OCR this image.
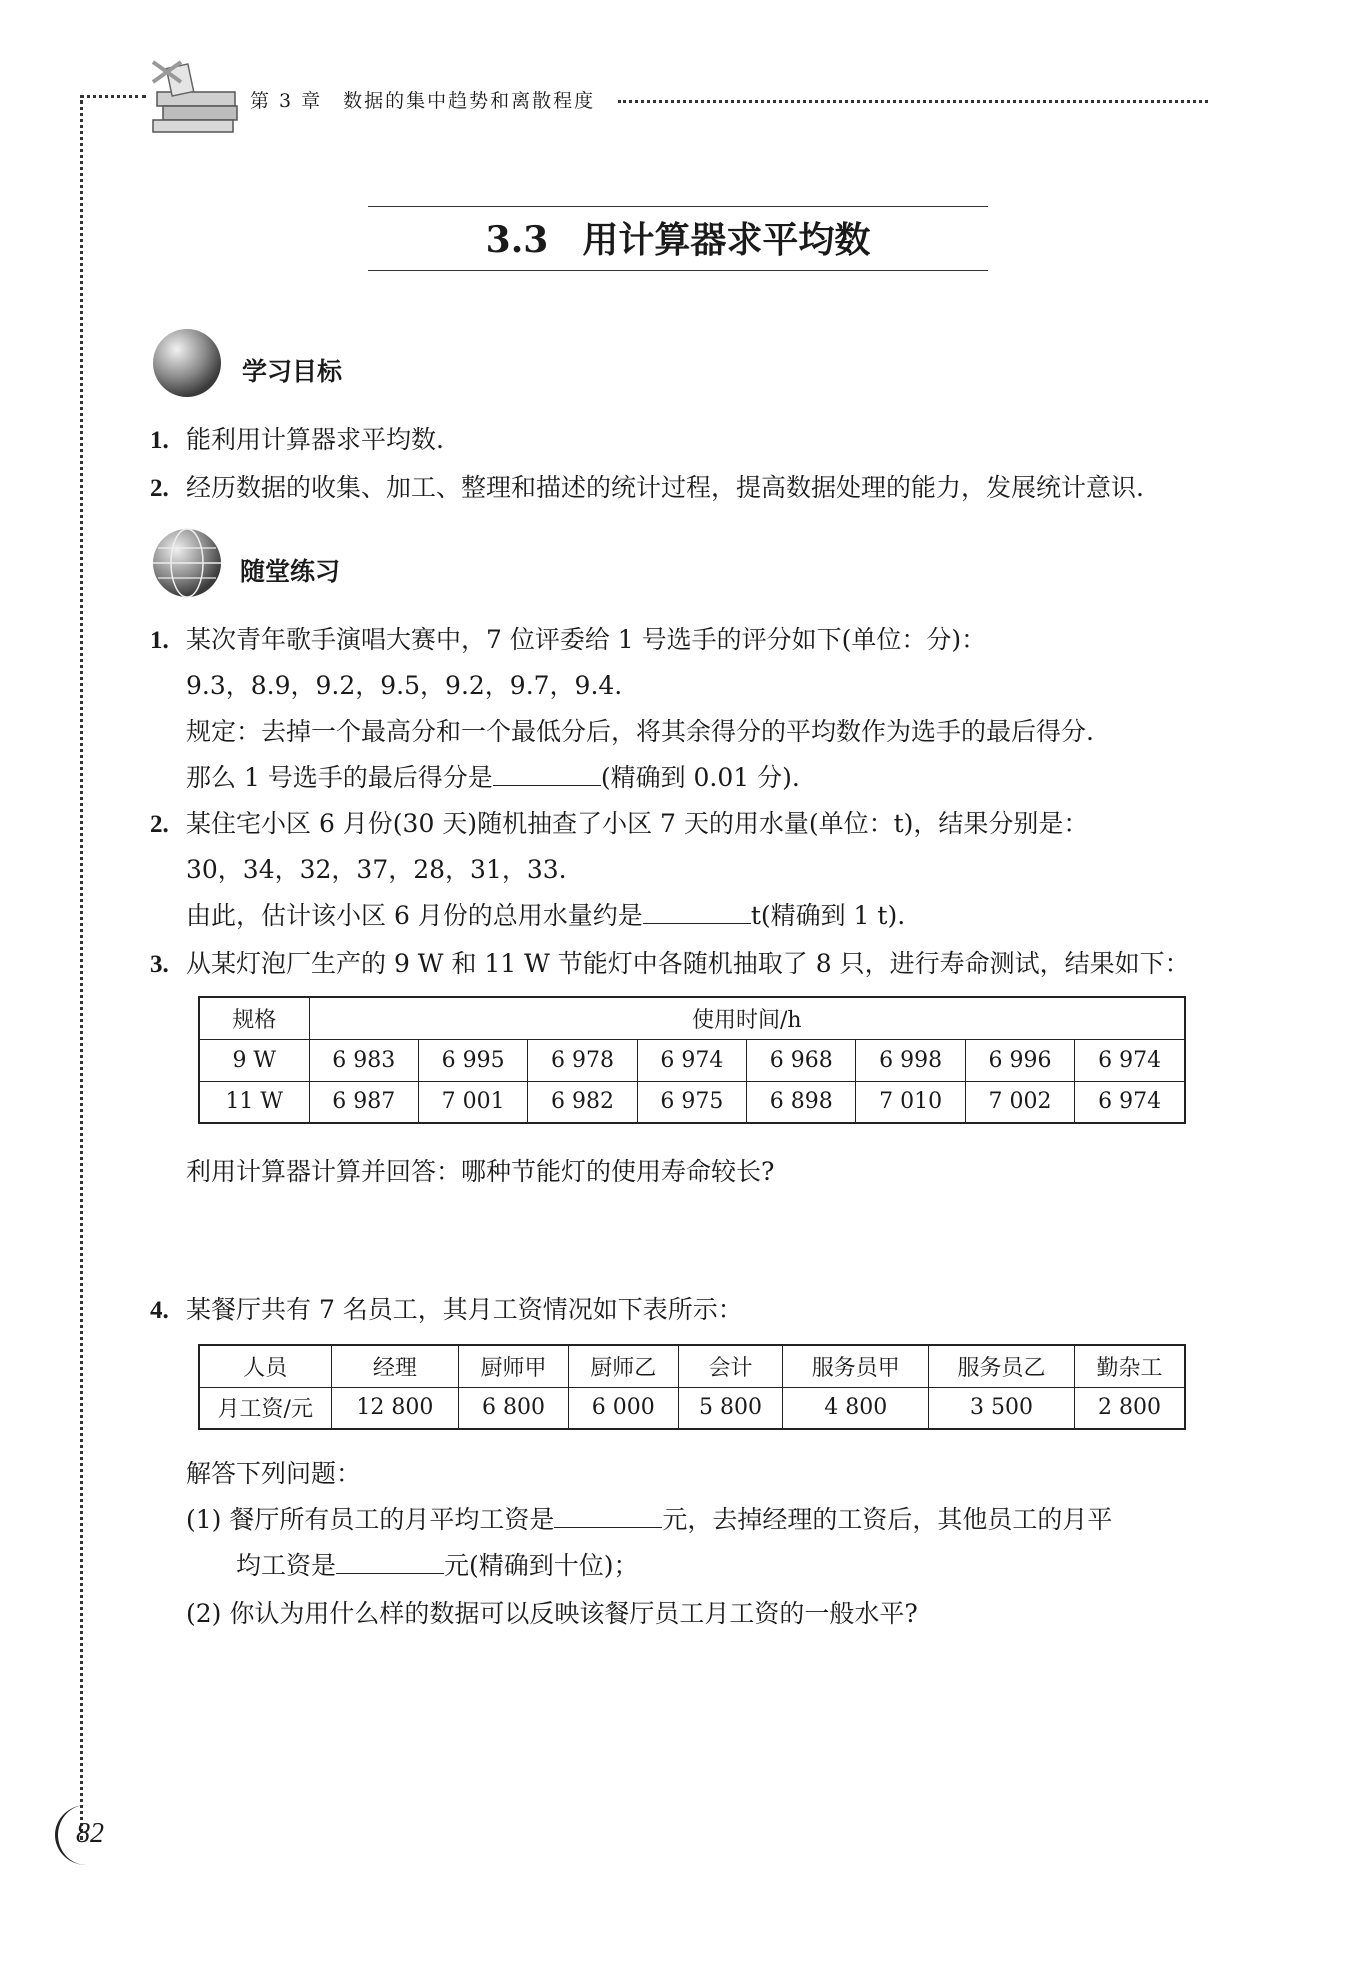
第 3 章　数据的集中趋势和离散程度
3.3 用计算器求平均数
学习目标
1. 能利用计算器求平均数.
2. 经历数据的收集、加工、整理和描述的统计过程，提高数据处理的能力，发展统计意识.
随堂练习
1. 某次青年歌手演唱大赛中，7 位评委给 1 号选手的评分如下(单位：分)：
9.3，8.9，9.2，9.5，9.2，9.7，9.4.
规定：去掉一个最高分和一个最低分后，将其余得分的平均数作为选手的最后得分.
那么 1 号选手的最后得分是	(精确到 0.01 分).
2. 某住宅小区 6 月份(30 天)随机抽查了小区 7 天的用水量(单位：t)，结果分别是：
30，34，32，37，28，31，33.
由此，估计该小区 6 月份的总用水量约是	t(精确到 1 t).
3. 从某灯泡厂生产的 9 W 和 11 W 节能灯中各随机抽取了 8 只，进行寿命测试，结果如下：
规格	使用时间/h							
9 W	6 983	6 995	6 978	6 974	6 968	6 998	6 996	6 974
11 W	6 987	7 001	6 982	6 975	6 898	7 010	7 002	6 974
利用计算器计算并回答：哪种节能灯的使用寿命较长?
4. 某餐厅共有 7 名员工，其月工资情况如下表所示：
人员	经理	厨师甲	厨师乙	会计	服务员甲	服务员乙	勤杂工
月工资/元	12 800	6 800	6 000	5 800	4 800	3 500	2 800
解答下列问题：
(1) 餐厅所有员工的月平均工资是	元，去掉经理的工资后，其他员工的月平
均工资是	元(精确到十位)；
(2) 你认为用什么样的数据可以反映该餐厅员工月工资的一般水平?
82
